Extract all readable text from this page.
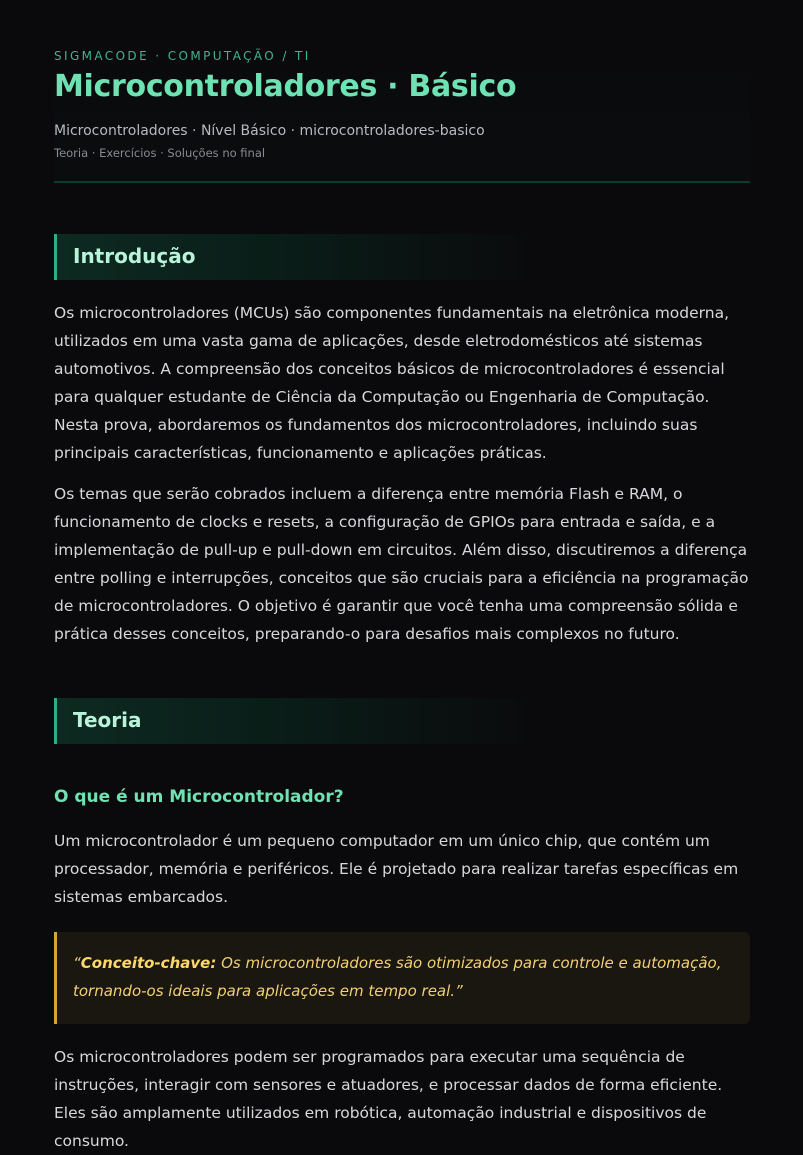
SIGMACODE · COMPUTAÇÃO / TI
Microcontroladores · Básico
Microcontroladores · Nível Básico · microcontroladores-basico
Teoria · Exercícios · Soluções no final
Introdução

Os microcontroladores (MCUs) são componentes fundamentais na eletrônica moderna, utilizados em uma vasta gama de aplicações, desde eletrodomésticos até sistemas automotivos. A compreensão dos conceitos básicos de microcontroladores é essencial para qualquer estudante de Ciência da Computação ou Engenharia de Computação. Nesta prova, abordaremos os fundamentos dos microcontroladores, incluindo suas principais características, funcionamento e aplicações práticas.

Os temas que serão cobrados incluem a diferença entre memória Flash e RAM, o funcionamento de clocks e resets, a configuração de GPIOs para entrada e saída, e a implementação de pull-up e pull-down em circuitos. Além disso, discutiremos a diferença entre polling e interrupções, conceitos que são cruciais para a eficiência na programação de microcontroladores. O objetivo é garantir que você tenha uma compreensão sólida e prática desses conceitos, preparando-o para desafios mais complexos no futuro.

Teoria
O que é um Microcontrolador?

Um microcontrolador é um pequeno computador em um único chip, que contém um processador, memória e periféricos. Ele é projetado para realizar tarefas específicas em sistemas embarcados.

“Conceito-chave: Os microcontroladores são otimizados para controle e automação, tornando-os ideais para aplicações em tempo real.”

Os microcontroladores podem ser programados para executar uma sequência de instruções, interagir com sensores e atuadores, e processar dados de forma eficiente. Eles são amplamente utilizados em robótica, automação industrial e dispositivos de consumo.
